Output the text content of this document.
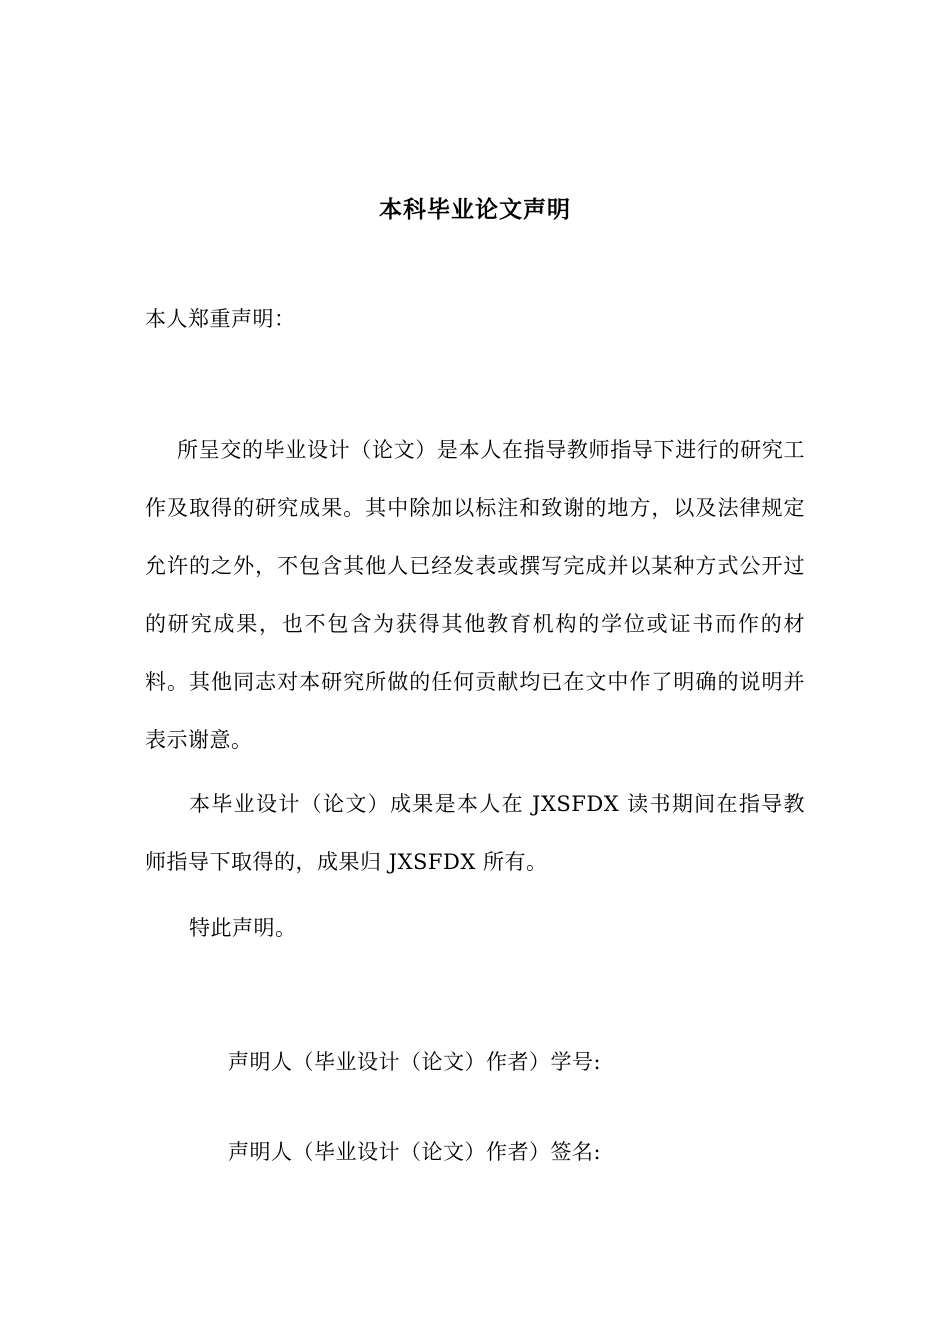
本科毕业论文声明
本人郑重声明：

所呈交的毕业设计（论文）是本人在指导教师指导下进行的研究工作及取得的研究成果。其中除加以标注和致谢的地方，以及法律规定允许的之外，不包含其他人已经发表或撰写完成并以某种方式公开过的研究成果，也不包含为获得其他教育机构的学位或证书而作的材料。其他同志对本研究所做的任何贡献均已在文中作了明确的说明并表示谢意。

本毕业设计（论文）成果是本人在 JXSFDX 读书期间在指导教师指导下取得的，成果归 JXSFDX 所有。

特此声明。

声明人（毕业设计（论文）作者）学号:
声明人（毕业设计（论文）作者）签名:
